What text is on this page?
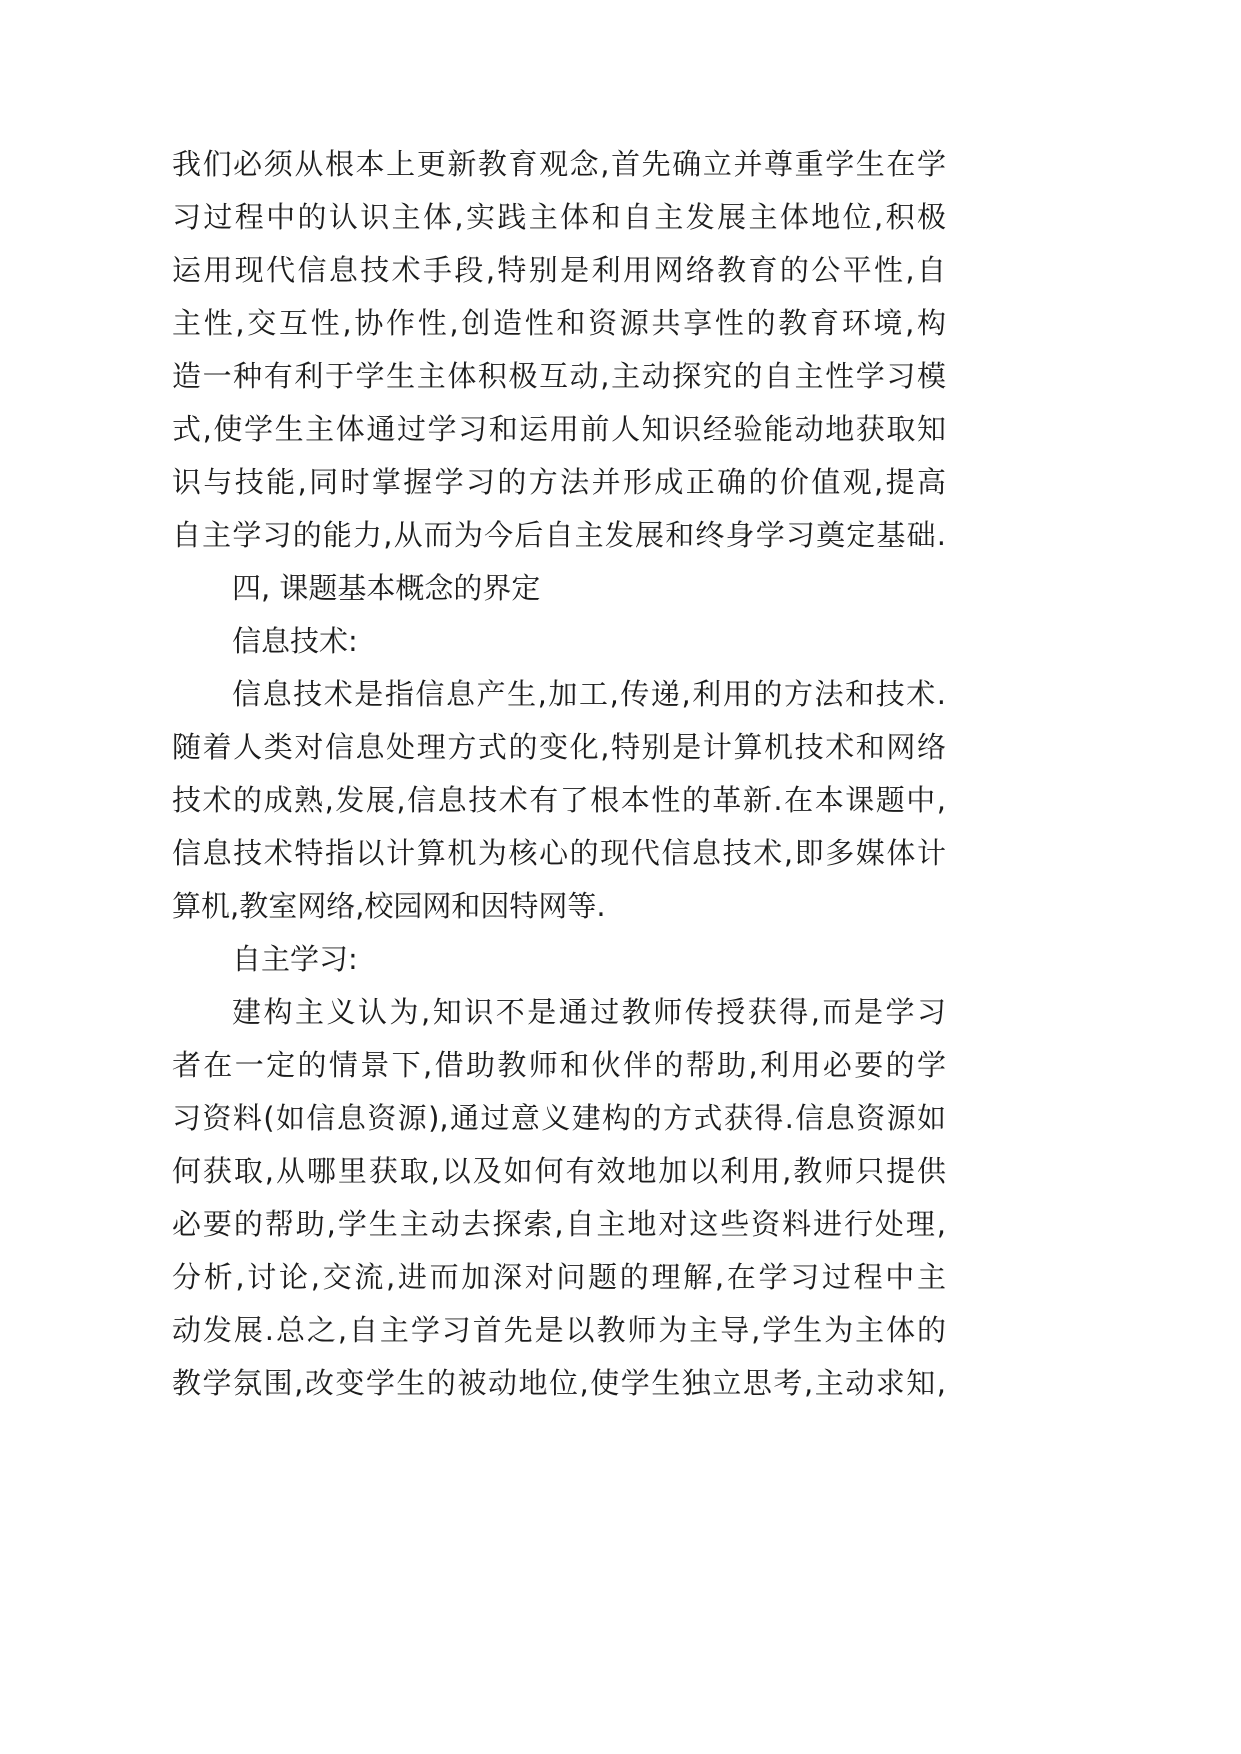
我们必须从根本上更新教育观念,首先确立并尊重学生在学
习过程中的认识主体,实践主体和自主发展主体地位,积极
运用现代信息技术手段,特别是利用网络教育的公平性,自
主性,交互性,协作性,创造性和资源共享性的教育环境,构
造一种有利于学生主体积极互动,主动探究的自主性学习模
式,使学生主体通过学习和运用前人知识经验能动地获取知
识与技能,同时掌握学习的方法并形成正确的价值观,提高
自主学习的能力,从而为今后自主发展和终身学习奠定基础.
四, 课题基本概念的界定
信息技术:
信息技术是指信息产生,加工,传递,利用的方法和技术.
随着人类对信息处理方式的变化,特别是计算机技术和网络
技术的成熟,发展,信息技术有了根本性的革新.在本课题中,
信息技术特指以计算机为核心的现代信息技术,即多媒体计
算机,教室网络,校园网和因特网等.
自主学习:
建构主义认为,知识不是通过教师传授获得,而是学习
者在一定的情景下,借助教师和伙伴的帮助,利用必要的学
习资料(如信息资源),通过意义建构的方式获得.信息资源如
何获取,从哪里获取,以及如何有效地加以利用,教师只提供
必要的帮助,学生主动去探索,自主地对这些资料进行处理,
分析,讨论,交流,进而加深对问题的理解,在学习过程中主
动发展.总之,自主学习首先是以教师为主导,学生为主体的
教学氛围,改变学生的被动地位,使学生独立思考,主动求知,
